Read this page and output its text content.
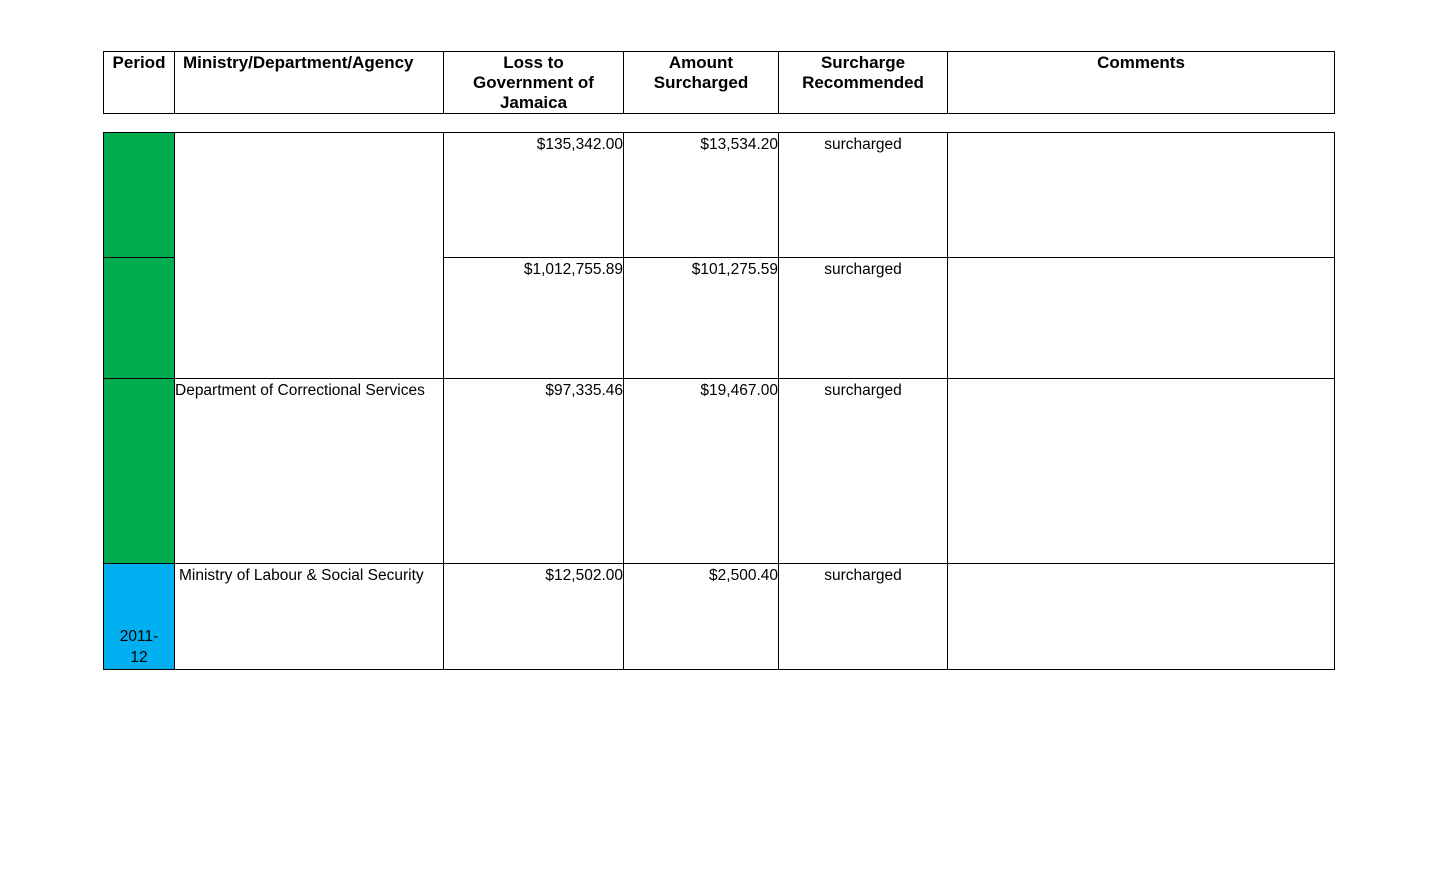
Period	Ministry/Department/Agency	Loss to Government of Jamaica	Amount Surcharged	Surcharge Recommended	Comments
		$135,342.00	$13,534.20	surcharged	
		$1,012,755.89	$101,275.59	surcharged	
	Department of Correctional Services	$97,335.46	$19,467.00	surcharged	

2011-12	Ministry of Labour & Social Security	$12,502.00	$2,500.40	surcharged	
